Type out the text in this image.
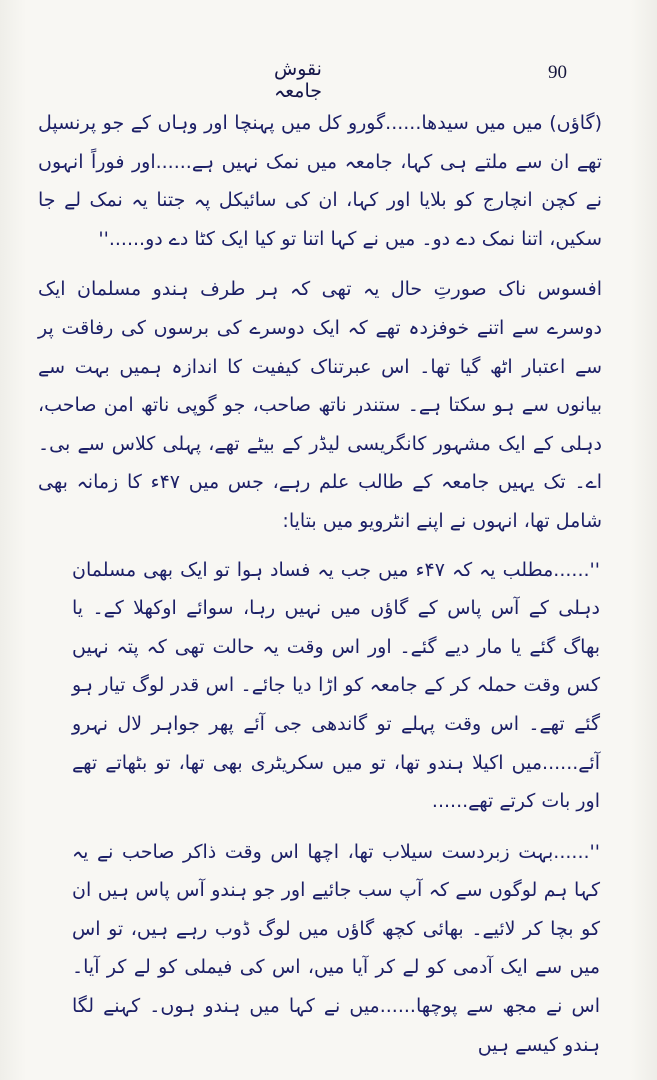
90
نقوش جامعہ

(گاؤں) میں میں سیدھا......گورو کل میں پہنچا اور وہاں کے جو پرنسپل تھے ان سے ملتے ہی کہا، جامعہ میں نمک نہیں ہے......اور فوراً انہوں نے کچن انچارج کو بلایا اور کہا، ان کی سائیکل پہ جتنا یہ نمک لے جا سکیں، اتنا نمک دے دو۔ میں نے کہا اتنا تو کیا ایک کٹا دے دو......''

افسوس ناک صورتِ حال یہ تھی کہ ہر طرف ہندو مسلمان ایک دوسرے سے اتنے خوفزدہ تھے کہ ایک دوسرے کی برسوں کی رفاقت پر سے اعتبار اٹھ گیا تھا۔ اس عبرتناک کیفیت کا اندازہ ہمیں بہت سے بیانوں سے ہو سکتا ہے۔ ستندر ناتھ صاحب، جو گوپی ناتھ امن صاحب، دہلی کے ایک مشہور کانگریسی لیڈر کے بیٹے تھے، پہلی کلاس سے بی۔ اے۔ تک یہیں جامعہ کے طالب علم رہے، جس میں ۴۷ء کا زمانہ بھی شامل تھا، انہوں نے اپنے انٹرویو میں بتایا:

''......مطلب یہ کہ ۴۷ء میں جب یہ فساد ہوا تو ایک بھی مسلمان دہلی کے آس پاس کے گاؤں میں نہیں رہا، سوائے اوکھلا کے۔ یا بھاگ گئے یا مار دیے گئے۔ اور اس وقت یہ حالت تھی کہ پتہ نہیں کس وقت حملہ کر کے جامعہ کو اڑا دیا جائے۔ اس قدر لوگ تیار ہو گئے تھے۔ اس وقت پہلے تو گاندھی جی آئے پھر جواہر لال نہرو آئے......میں اکیلا ہندو تھا، تو میں سکریٹری بھی تھا، تو بٹھاتے تھے اور بات کرتے تھے......

''......بہت زبردست سیلاب تھا، اچھا اس وقت ذاکر صاحب نے یہ کہا ہم لوگوں سے کہ آپ سب جائیے اور جو ہندو آس پاس ہیں ان کو بچا کر لائیے۔ بھائی کچھ گاؤں میں لوگ ڈوب رہے ہیں، تو اس میں سے ایک آدمی کو لے کر آیا میں، اس کی فیملی کو لے کر آیا۔ اس نے مجھ سے پوچھا......میں نے کہا میں ہندو ہوں۔ کہنے لگا ہندو کیسے ہیں
